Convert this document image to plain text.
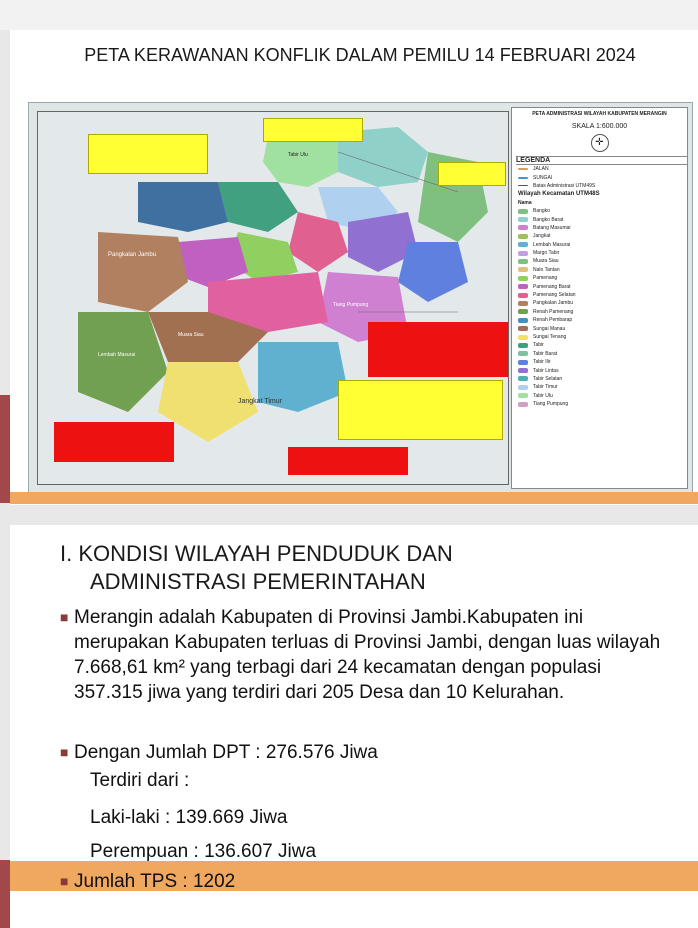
PETA KERAWANAN KONFLIK DALAM PEMILU 14 FEBRUARI 2024
Jangkat Timur
Pangkalan Jambu
Tiang Pumpung
Lembah Masurai
Muara Siau
Tabir Ulu
PETA ADMINISTRASI WILAYAH KABUPATEN MERANGIN
SKALA 1:600.000
✛
LEGENDA
JALAN
SUNGAI
Batas Administrasi UTM49S
Wilayah Kecamatan UTM48S
Nama
Bangko
Bangko Barat
Batang Masumai
Jangkat
Lembah Masurai
Margo Tabir
Muara Siau
Nalo Tantan
Pamenang
Pamenang Barat
Pamenang Selatan
Pangkalan Jambu
Renah Pamenang
Renah Pembarap
Sungai Manau
Sungai Tenang
Tabir
Tabir Barat
Tabir Ilir
Tabir Lintas
Tabir Selatan
Tabir Timur
Tabir Ulu
Tiang Pumpung
I. KONDISI WILAYAH PENDUDUK DAN
ADMINISTRASI PEMERINTAHAN
■ Merangin adalah Kabupaten di Provinsi Jambi.Kabupaten ini merupakan Kabupaten terluas di Provinsi Jambi, dengan luas wilayah 7.668,61 km² yang terbagi dari 24 kecamatan dengan populasi 357.315 jiwa yang terdiri dari 205 Desa dan 10 Kelurahan.
■ Dengan Jumlah DPT : 276.576 Jiwa
Terdiri dari :
Laki-laki : 139.669 Jiwa
Perempuan : 136.607 Jiwa
■ Jumlah TPS : 1202
